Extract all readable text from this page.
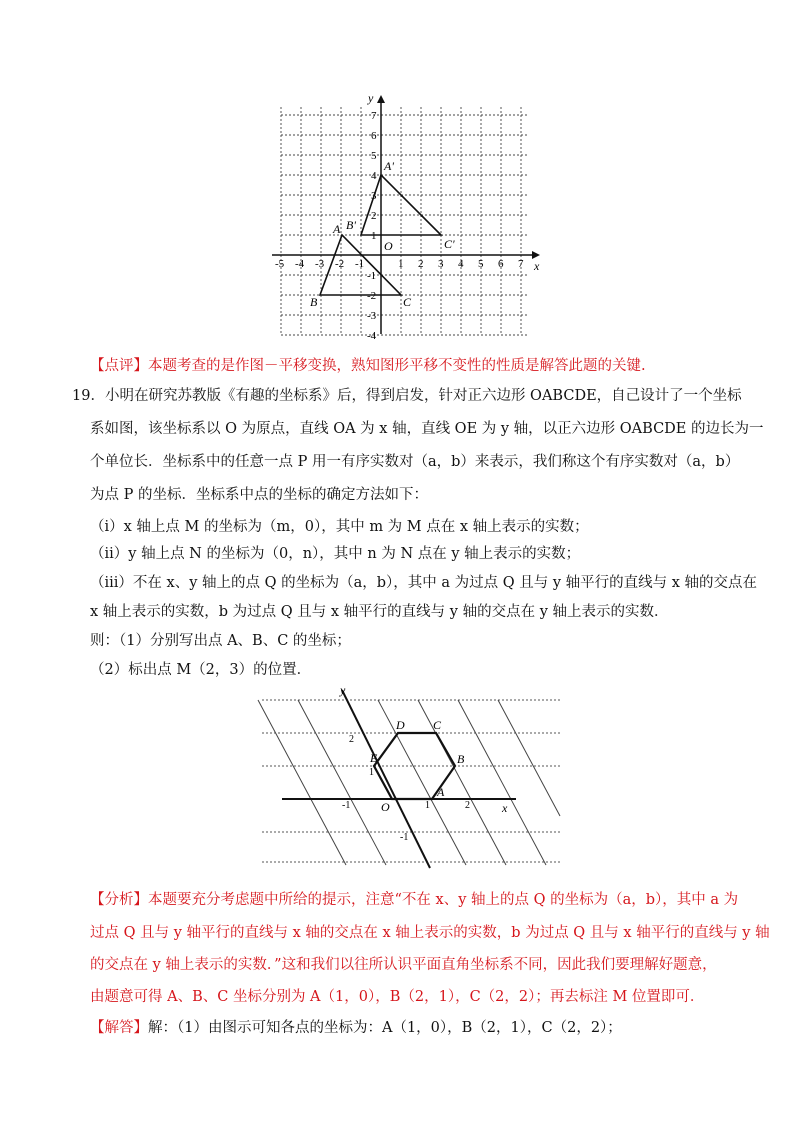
x
y
O
-5 -4 -3 -2 -1	1 2 3 4 5 6 7
7
6
5
4
3
2
1
-1
-2
-3
-4
A
B	C
A'
B'
C'
【点评】本题考查的是作图－平移变换，熟知图形平移不变性的性质是解答此题的关键.
19．小明在研究苏教版《有趣的坐标系》后，得到启发，针对正六边形 OABCDE，自己设计了一个坐标
系如图，该坐标系以 O 为原点，直线 OA 为 x 轴，直线 OE 为 y 轴，以正六边形 OABCDE 的边长为一
个单位长．坐标系中的任意一点 P 用一有序实数对（a，b）来表示，我们称这个有序实数对（a，b）
为点 P 的坐标．坐标系中点的坐标的确定方法如下：
（ⅰ）x 轴上点 M 的坐标为（m，0），其中 m 为 M 点在 x 轴上表示的实数；
（ⅱ）y 轴上点 N 的坐标为（0，n），其中 n 为 N 点在 y 轴上表示的实数；
（ⅲ）不在 x、y 轴上的点 Q 的坐标为（a，b），其中 a 为过点 Q 且与 y 轴平行的直线与 x 轴的交点在
x 轴上表示的实数，b 为过点 Q 且与 x 轴平行的直线与 y 轴的交点在 y 轴上表示的实数．
则：（1）分别写出点 A、B、C 的坐标；
（2）标出点 M（2，3）的位置．
x
y
O
-1	1	2
2
1
-1
A
B
C
D
E
【分析】本题要充分考虑题中所给的提示，注意“不在 x、y 轴上的点 Q 的坐标为（a，b），其中 a 为
过点 Q 且与 y 轴平行的直线与 x 轴的交点在 x 轴上表示的实数，b 为过点 Q 且与 x 轴平行的直线与 y 轴
的交点在 y 轴上表示的实数．”这和我们以往所认识平面直角坐标系不同，因此我们要理解好题意，
由题意可得 A、B、C 坐标分别为 A（1，0），B（2，1），C（2，2）；再去标注 M 位置即可．
【解答】解：（1）由图示可知各点的坐标为：A（1，0），B（2，1），C（2，2）；
